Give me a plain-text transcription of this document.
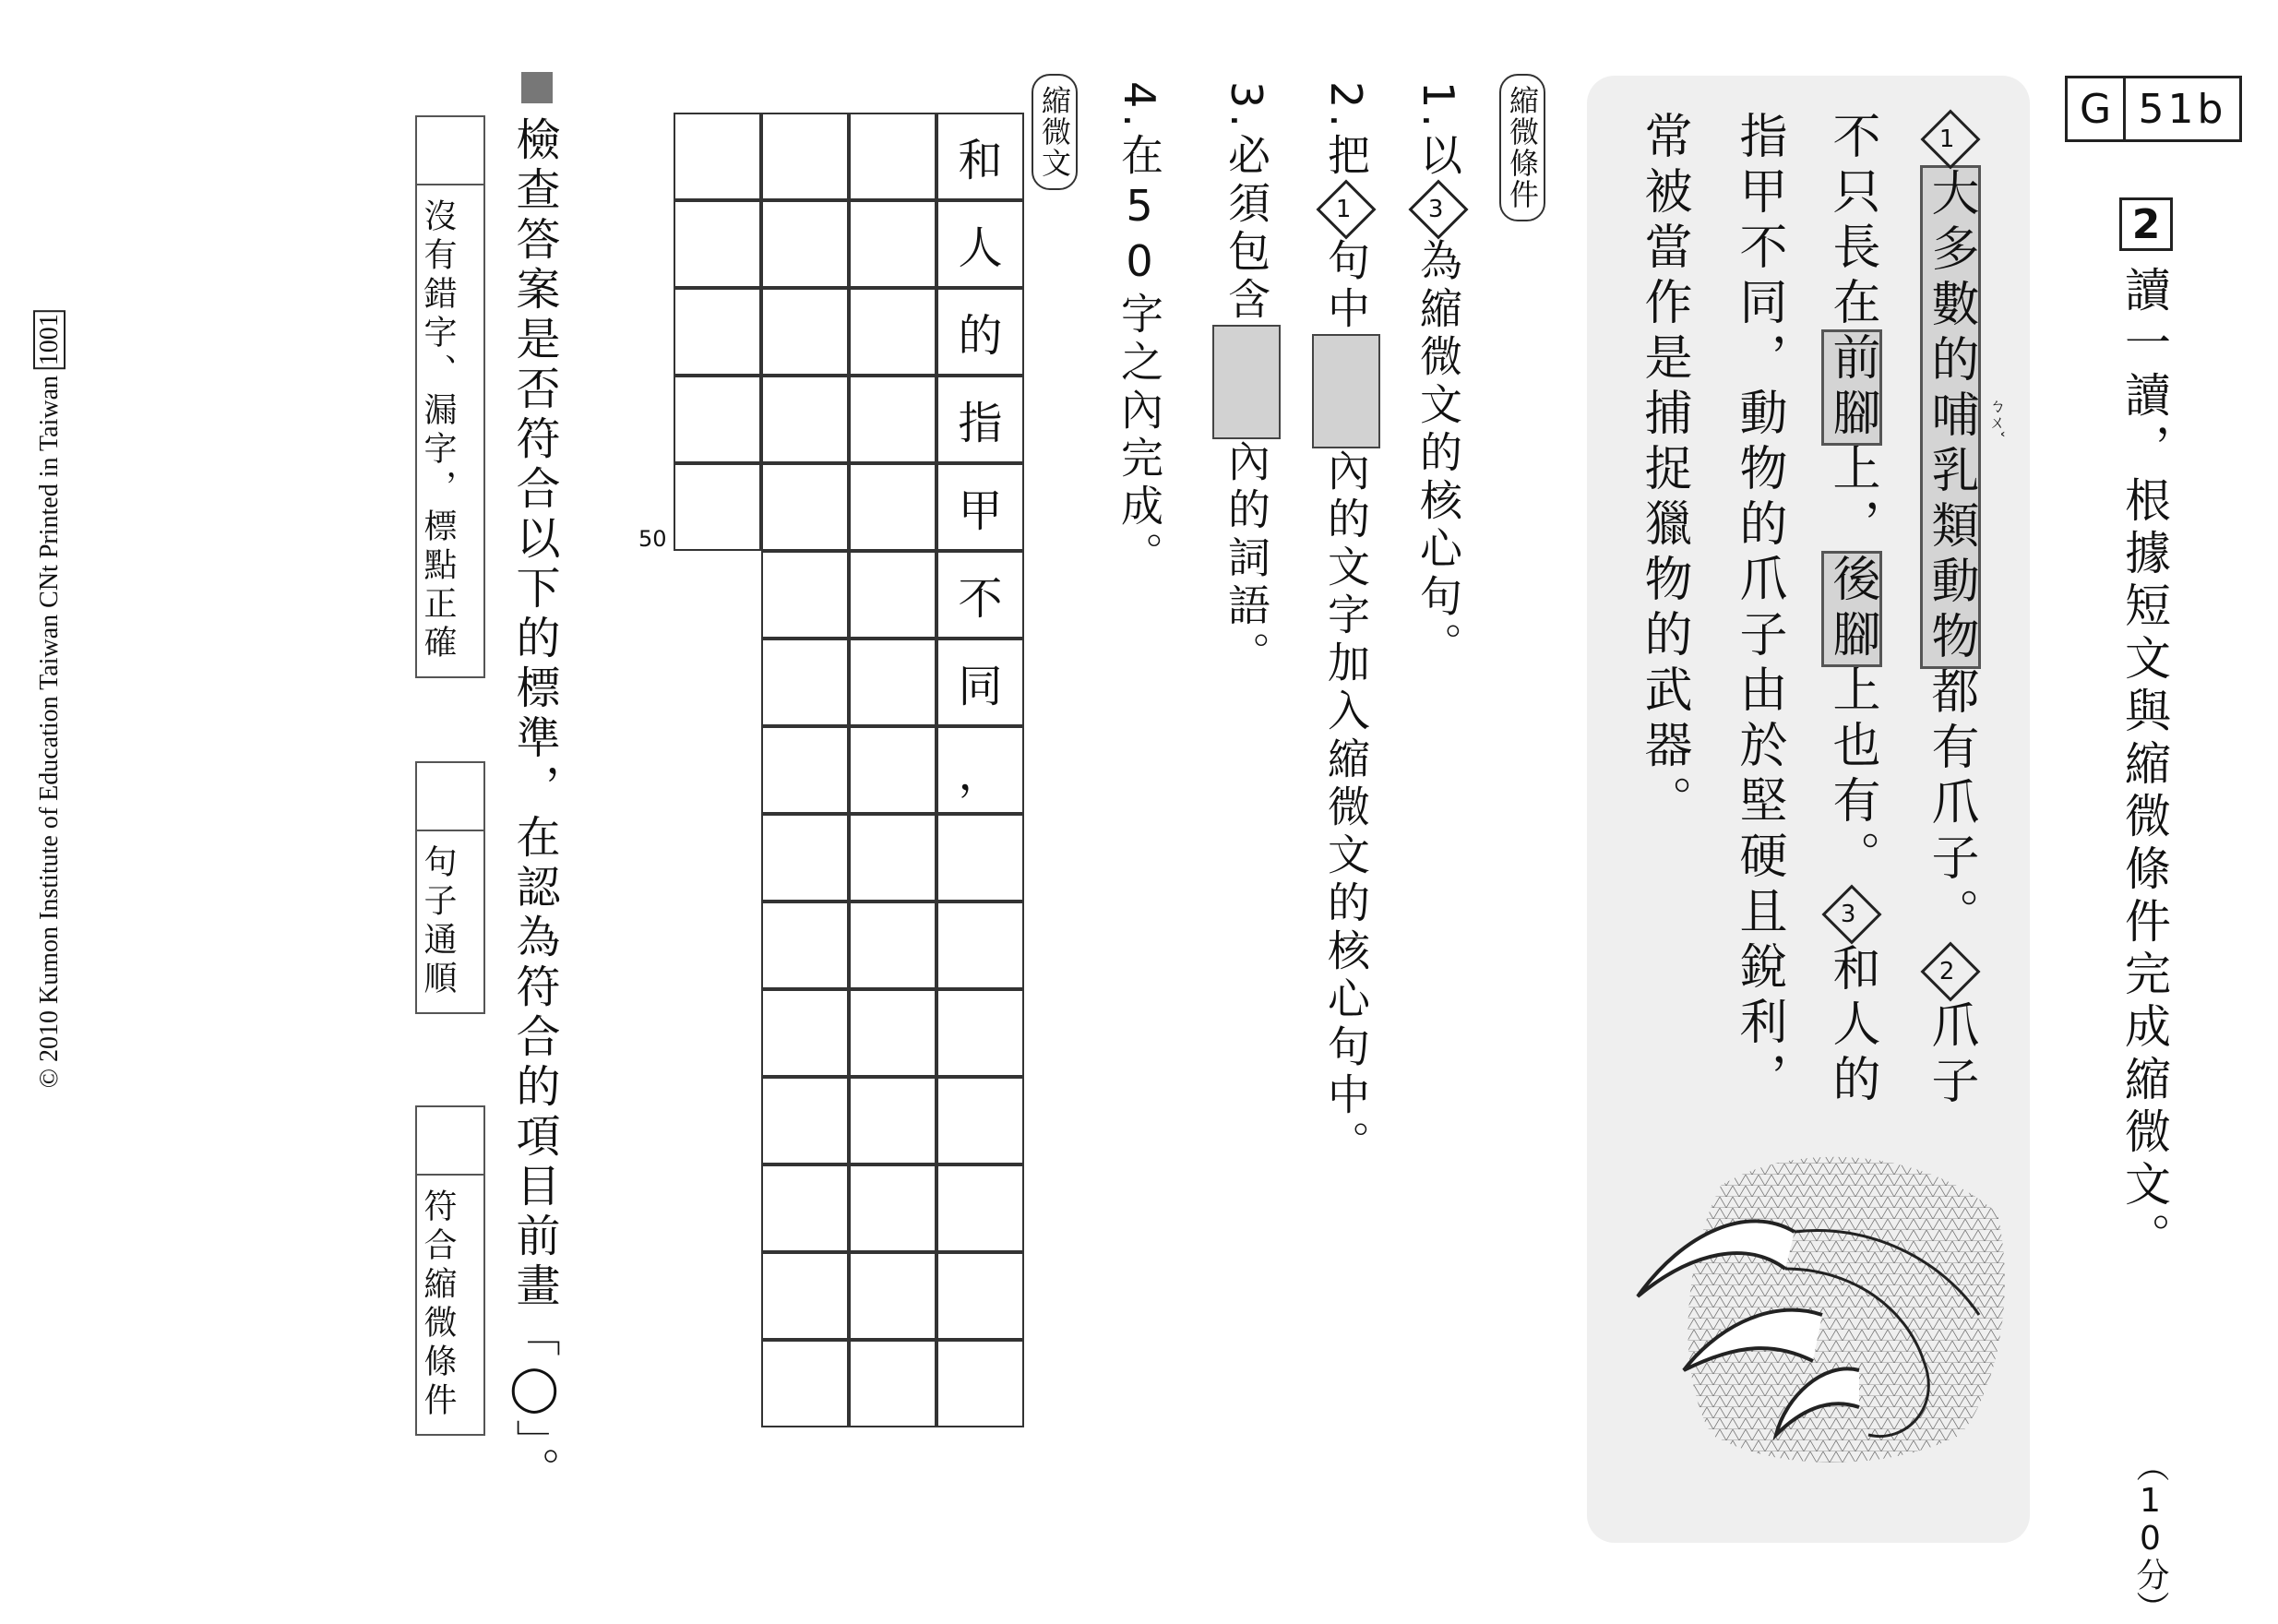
G 51b
2
讀一讀，根據短文與縮微條件完成縮微文。
（10分）
1大多數的哺乳類動物都有爪子。2爪子
ㄅㄨˇ
不只長在前腳上，後腳上也有。3和人的
指甲不同，動物的爪子由於堅硬且銳利，
常被當作是捕捉獵物的武器。
縮微條件
1.以3為縮微文的核心句。
2.把1句中內的文字加入縮微文的核心句中。
3.必須包含內的詞語。
4.在50字之內完成。
縮微文
和
人
的
指
甲
不
同
，
50
檢查答案是否符合以下的標準，在認為符合的項目前畫「◯」。
沒有錯字、漏字，標點正確
句子通順
符合縮微條件
© 2010 Kumon Institute of Education Taiwan CNt Printed in Taiwan 1001
